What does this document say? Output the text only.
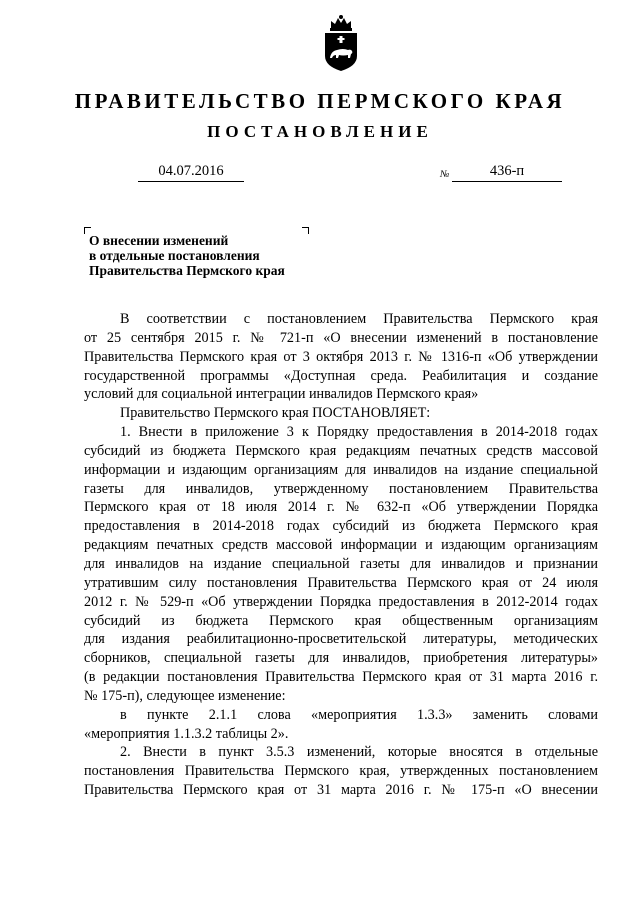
ПРАВИТЕЛЬСТВО ПЕРМСКОГО КРАЯ
ПОСТАНОВЛЕНИЕ
04.07.2016	№	436-п
О внесении изменений
в отдельные постановления
Правительства Пермского края
В соответствии с постановлением Правительства Пермского края
от 25 сентября 2015 г. № 721-п «О внесении изменений в постановление
Правительства Пермского края от 3 октября 2013 г. № 1316-п «Об утверждении
государственной программы «Доступная среда. Реабилитация и создание
условий для социальной интеграции инвалидов Пермского края»
Правительство Пермского края ПОСТАНОВЛЯЕТ:
1. Внести в приложение 3 к Порядку предоставления в 2014-2018 годах
субсидий из бюджета Пермского края редакциям печатных средств массовой
информации и издающим организациям для инвалидов на издание специальной
газеты для инвалидов, утвержденному постановлением Правительства
Пермского края от 18 июля 2014 г. № 632-п «Об утверждении Порядка
предоставления в 2014-2018 годах субсидий из бюджета Пермского края
редакциям печатных средств массовой информации и издающим организациям
для инвалидов на издание специальной газеты для инвалидов и признании
утратившим силу постановления Правительства Пермского края от 24 июля
2012 г. № 529-п «Об утверждении Порядка предоставления в 2012-2014 годах
субсидий из бюджета Пермского края общественным организациям
для издания реабилитационно-просветительской литературы, методических
сборников, специальной газеты для инвалидов, приобретения литературы»
(в редакции постановления Правительства Пермского края от 31 марта 2016 г.
№ 175-п), следующее изменение:
в пункте 2.1.1 слова «мероприятия 1.3.3» заменить словами
«мероприятия 1.1.3.2 таблицы 2».
2. Внести в пункт 3.5.3 изменений, которые вносятся в отдельные
постановления Правительства Пермского края, утвержденных постановлением
Правительства Пермского края от 31 марта 2016 г. № 175-п «О внесении
